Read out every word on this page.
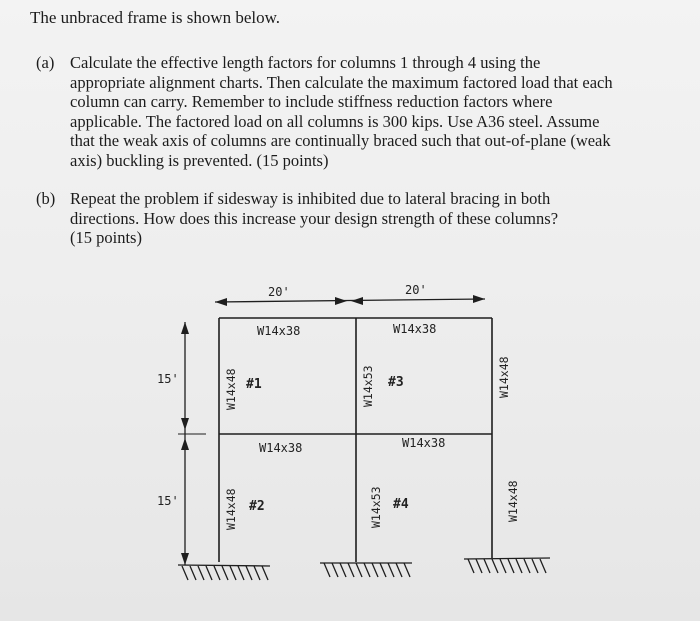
The unbraced frame is shown below.
(a) Calculate the effective length factors for columns 1 through 4 using the
appropriate alignment charts. Then calculate the maximum factored load that each
column can carry. Remember to include stiffness reduction factors where
applicable. The factored load on all columns is 300 kips. Use A36 steel. Assume
that the weak axis of columns are continually braced such that out-of-plane (weak
axis) buckling is prevented. (15 points)
(b) Repeat the problem if sidesway is inhibited due to lateral bracing in both
directions. How does this increase your design strength of these columns?
(15 points)
20'	20'
15'
15'
W14x38	W14x38
W14x38	W14x38
W14x48
W14x48
W14x53
W14x53
W14x48
W14x48
#1
#2
#3
#4
